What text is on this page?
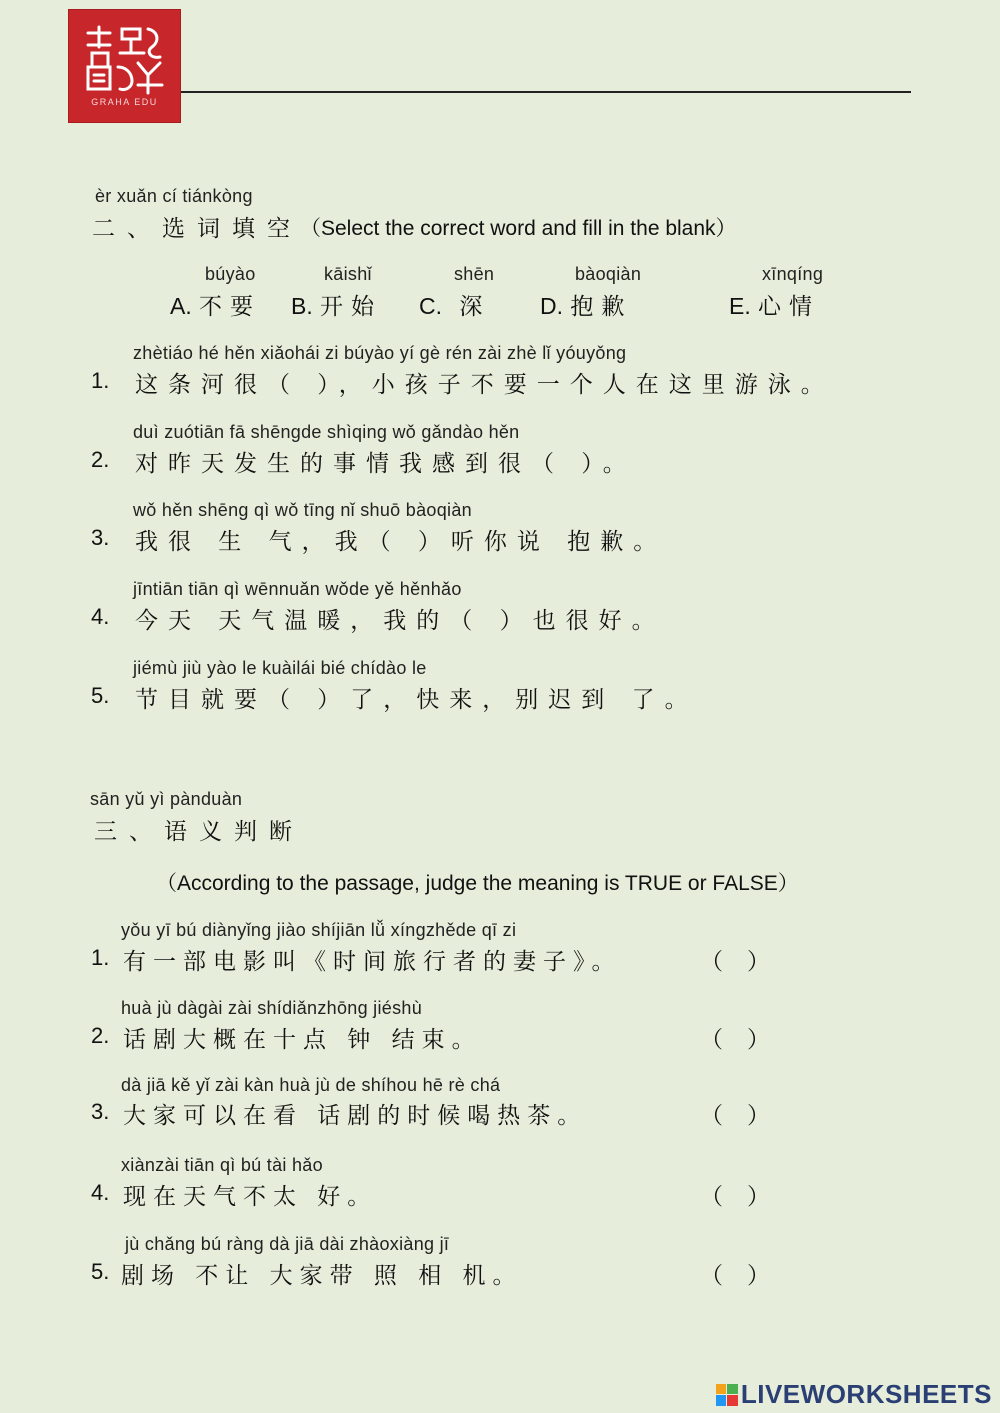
GRAHA EDU
èr xuǎn cí tiánkòng
二、选词填空
（Select the correct word and fill in the blank）
búyào
A. 不要
kāishǐ
B. 开始
shēn
C. 深
bàoqiàn
D. 抱歉
xīnqíng
E. 心情
zhètiáo hé hěn xiǎohái zi búyào yí gè rén zài zhè lǐ yóuyǒng
1. 这条河很（ ），小孩子不要一个人在这里游泳。
duì zuótiān fā shēngde shìqing wǒ gǎndào hěn
2. 对昨天发生的事情我感到很（ ）。
wǒ hěn shēng qì wǒ tīng nǐ shuō bàoqiàn
3. 我很 生 气，我（ ）听你说 抱歉。
jīntiān tiān qì wēnnuǎn wǒde yě hěnhǎo
4. 今天 天气温暖，我的（ ）也很好。
jiémù jiù yào le kuàilái bié chídào le
5. 节目就要（ ）了，快来，别迟到 了。
sān yǔ yì pànduàn
三、语义判断
（According to the passage, judge the meaning is TRUE or FALSE）
yǒu yī bú diànyǐng jiào shíjiān lǚ xíngzhěde qī zi
1. 有一部电影叫《时间旅行者的妻子》。	（）
huà jù dàgài zài shídiǎnzhōng jiéshù
2. 话剧大概在十点 钟 结束。	（）
dà jiā kě yǐ zài kàn huà jù de shíhou hē rè chá
3. 大家可以在看 话剧的时候喝热茶。	（）
xiànzài tiān qì bú tài hǎo
4. 现在天气不太 好。	（）
jù chǎng bú ràng dà jiā dài zhàoxiàng jī
5. 剧场 不让 大家带 照 相 机。	（）
LIVEWORKSHEETS
